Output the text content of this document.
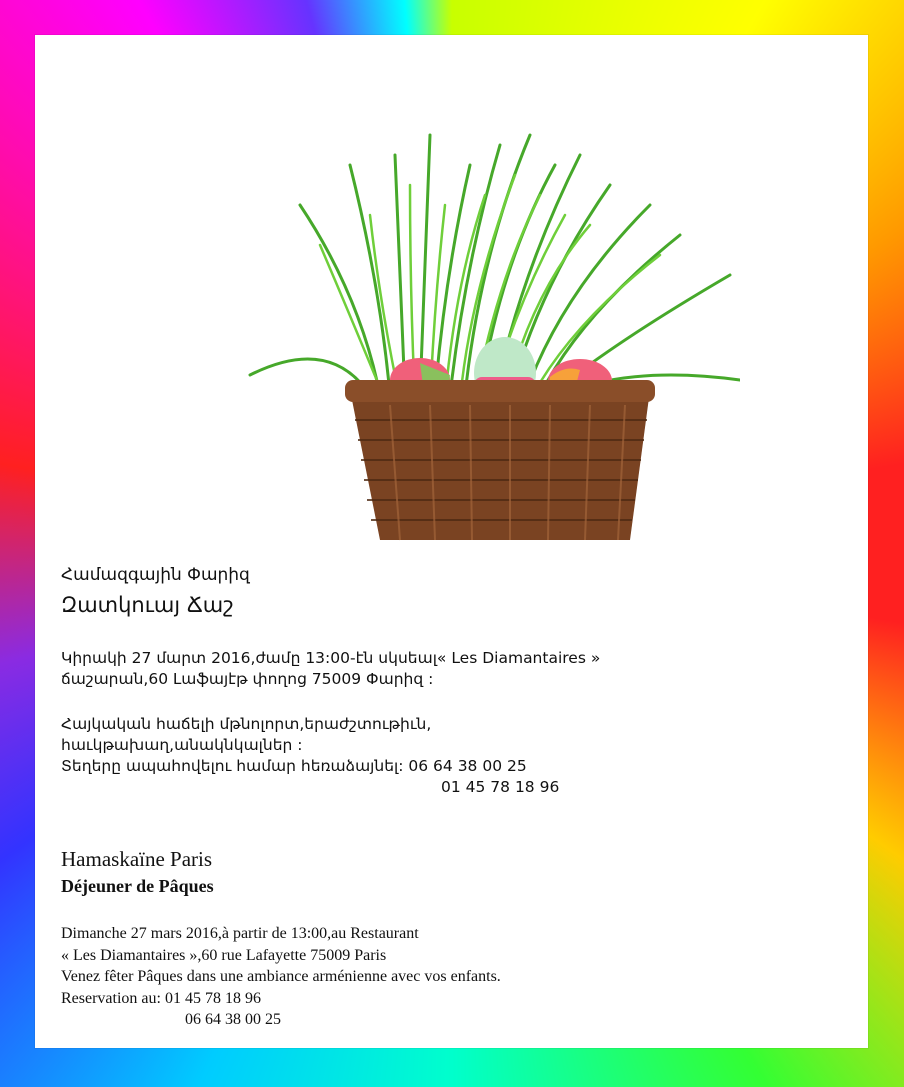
Համազգային Փարիզ
Զատկուայ Ճաշ
Կիրակի 27 մարտ 2016,ժամը 13:00-էն սկսեալ« Les Diamantaires »
ճաշարան,60 Լաֆայէթ փողոց 75009 Փարիզ :
Հայկական հաճելի մթնոլորտ,երաժշտութիւն,
հաւկթախաղ,անակնկալներ :
Տեղերը ապահովելու համար հեռաձայնել: 06 64 38 00 25
01 45 78 18 96
Hamaskaïne Paris
Déjeuner de Pâques
Dimanche 27 mars 2016,à partir de 13:00,au Restaurant
« Les Diamantaires »,60 rue Lafayette 75009 Paris
Venez fêter Pâques dans une ambiance arménienne avec vos enfants.
Reservation au: 01 45 78 18 96
06 64 38 00 25
